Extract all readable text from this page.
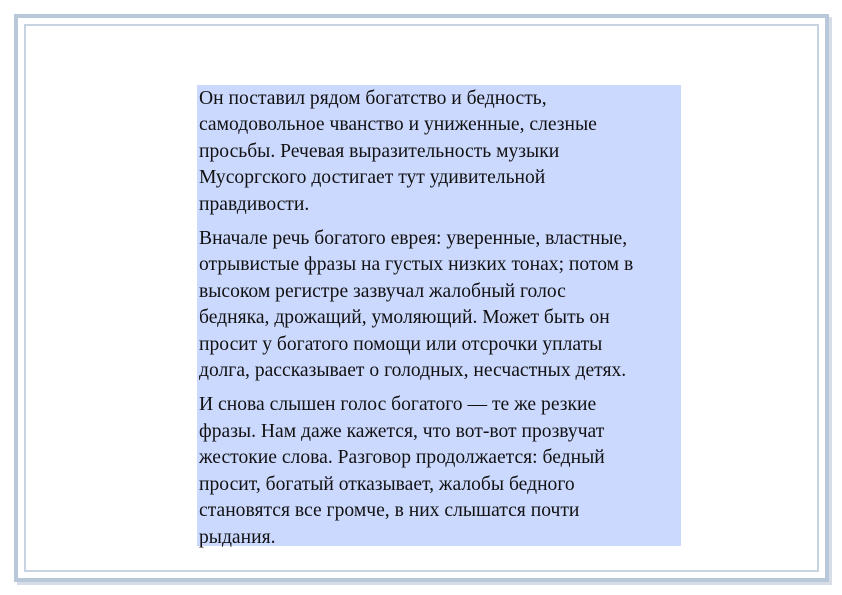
Он поставил рядом богатство и бедность,
самодовольное чванство и униженные, слезные
просьбы. Речевая выразительность музыки
Мусоргского достигает тут удивительной
правдивости.

Вначале речь богатого еврея: уверенные, властные,
отрывистые фразы на густых низких тонах; потом в
высоком регистре зазвучал жалобный голос
бедняка, дрожащий, умоляющий. Может быть он
просит у богатого помощи или отсрочки уплаты
долга, рассказывает о голодных, несчастных детях.

И снова слышен голос богатого — те же резкие
фразы. Нам даже кажется, что вот-вот прозвучат
жестокие слова. Разговор продолжается: бедный
просит, богатый отказывает, жалобы бедного
становятся все громче, в них слышатся почти
рыдания.
